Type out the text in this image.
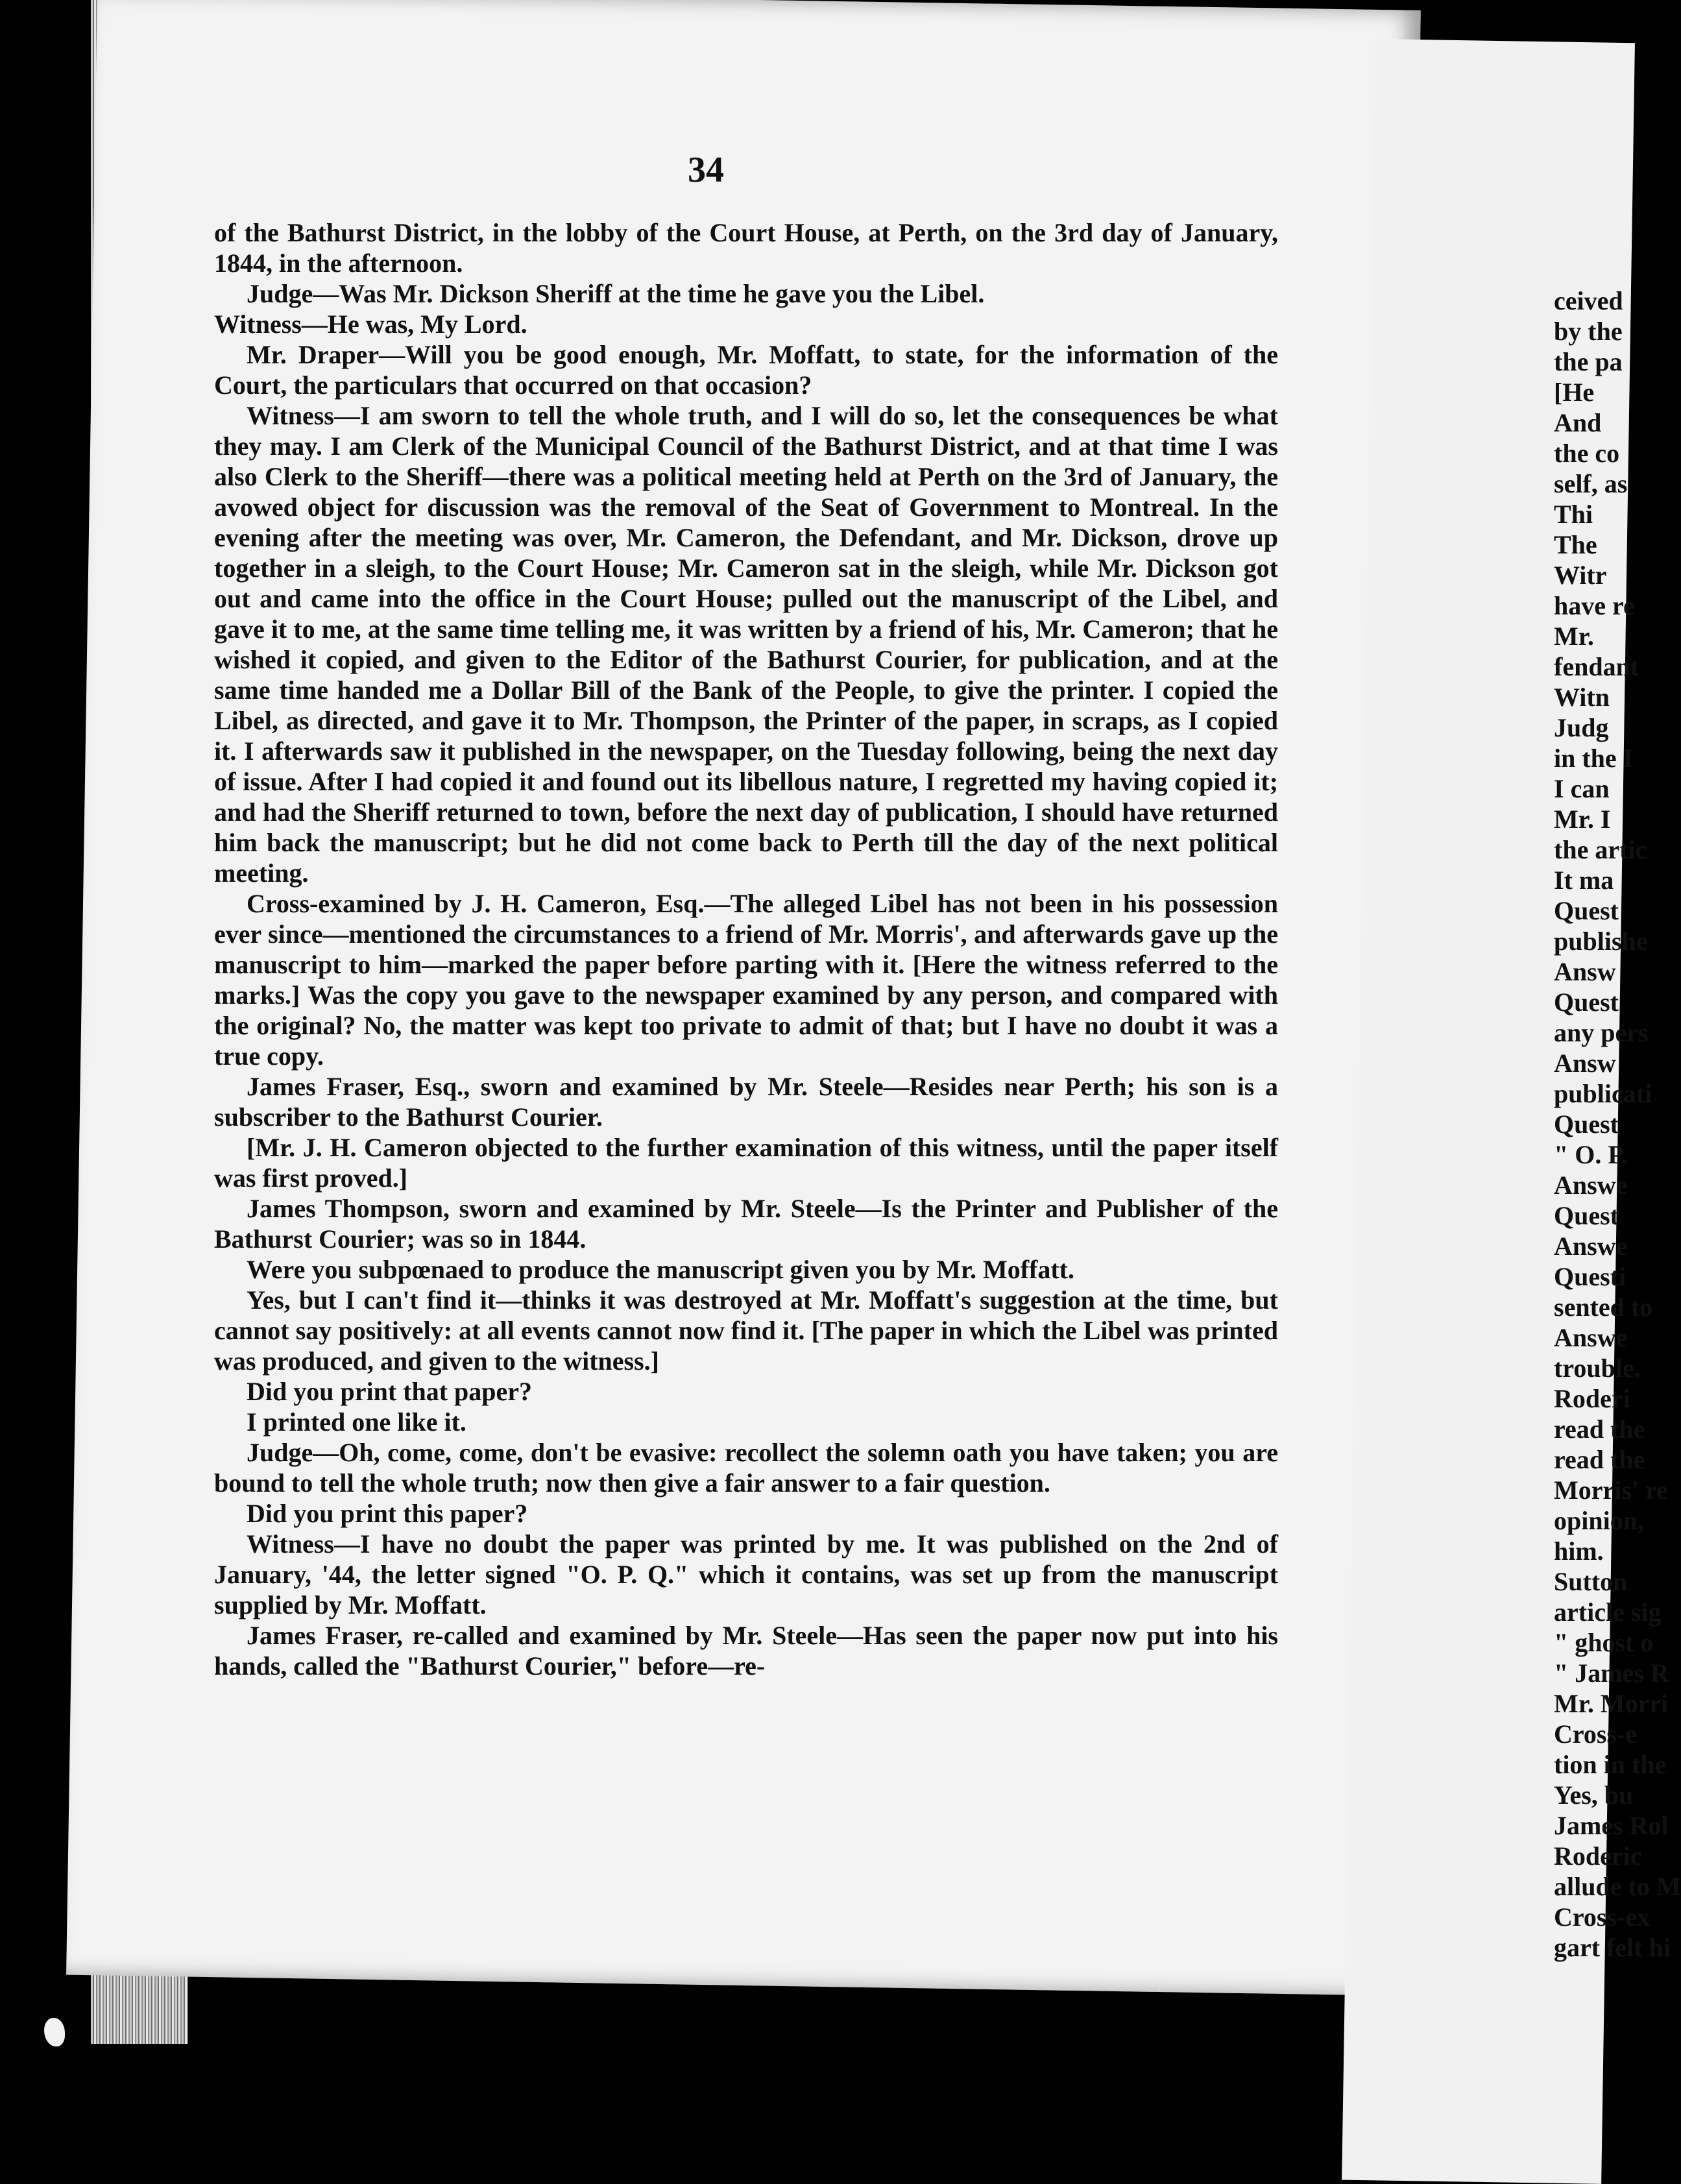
34

of the Bathurst District, in the lobby of the Court House, at Perth, on the 3rd day of January, 1844, in the afternoon.

Judge—Was Mr. Dickson Sheriff at the time he gave you the Libel.

Witness—He was, My Lord.

Mr. Draper—Will you be good enough, Mr. Moffatt, to state, for the information of the Court, the particulars that occurred on that occasion?

Witness—I am sworn to tell the whole truth, and I will do so, let the consequences be what they may. I am Clerk of the Municipal Council of the Bathurst District, and at that time I was also Clerk to the Sheriff—there was a political meeting held at Perth on the 3rd of January, the avowed object for discussion was the removal of the Seat of Government to Montreal. In the evening after the meeting was over, Mr. Cameron, the Defendant, and Mr. Dickson, drove up together in a sleigh, to the Court House; Mr. Cameron sat in the sleigh, while Mr. Dickson got out and came into the office in the Court House; pulled out the manuscript of the Libel, and gave it to me, at the same time telling me, it was written by a friend of his, Mr. Cameron; that he wished it copied, and given to the Editor of the Bathurst Courier, for publication, and at the same time handed me a Dollar Bill of the Bank of the People, to give the printer. I copied the Libel, as directed, and gave it to Mr. Thompson, the Printer of the paper, in scraps, as I copied it. I afterwards saw it published in the newspaper, on the Tuesday following, being the next day of issue. After I had copied it and found out its libellous nature, I regretted my having copied it; and had the Sheriff returned to town, before the next day of publication, I should have returned him back the manuscript; but he did not come back to Perth till the day of the next political meeting.

Cross-examined by J. H. Cameron, Esq.—The alleged Libel has not been in his possession ever since—mentioned the circumstances to a friend of Mr. Morris', and afterwards gave up the manuscript to him—marked the paper before parting with it. [Here the witness referred to the marks.] Was the copy you gave to the newspaper examined by any person, and compared with the original? No, the matter was kept too private to admit of that; but I have no doubt it was a true copy.

James Fraser, Esq., sworn and examined by Mr. Steele—Resides near Perth; his son is a subscriber to the Bathurst Courier.

[Mr. J. H. Cameron objected to the further examination of this witness, until the paper itself was first proved.]

James Thompson, sworn and examined by Mr. Steele—Is the Printer and Publisher of the Bathurst Courier; was so in 1844.

Were you subpœnaed to produce the manuscript given you by Mr. Moffatt.

Yes, but I can't find it—thinks it was destroyed at Mr. Moffatt's suggestion at the time, but cannot say positively: at all events cannot now find it. [The paper in which the Libel was printed was produced, and given to the witness.]

Did you print that paper?

I printed one like it.

Judge—Oh, come, come, don't be evasive: recollect the solemn oath you have taken; you are bound to tell the whole truth; now then give a fair answer to a fair question.

Did you print this paper?

Witness—I have no doubt the paper was printed by me. It was published on the 2nd of January, '44, the letter signed "O. P. Q." which it contains, was set up from the manuscript supplied by Mr. Moffatt.

James Fraser, re-called and examined by Mr. Steele—Has seen the paper now put into his hands, called the "Bathurst Courier," before—re-

ceived
by the
the pa
[He
And
the co
self, as
Thi
The
Witr
have re
Mr.
fendant
Witn
Judg
in the I
I can
Mr. I
the artic
It ma
Quest
publishe
Answ
Quest
any pers
Answ
publicati
Quest
" O. P.
Answe
Quest
Answe
Questi
sented to
Answe
trouble.
Roderi
read the
read the
Morris' re
opinion,
him.
Sutton
article sig
" ghost o
" James R
Mr. Morri
Cross-e
tion in the
Yes, bu
James Rol
Roderic
allude to M
Cross-ex
gart felt hi
